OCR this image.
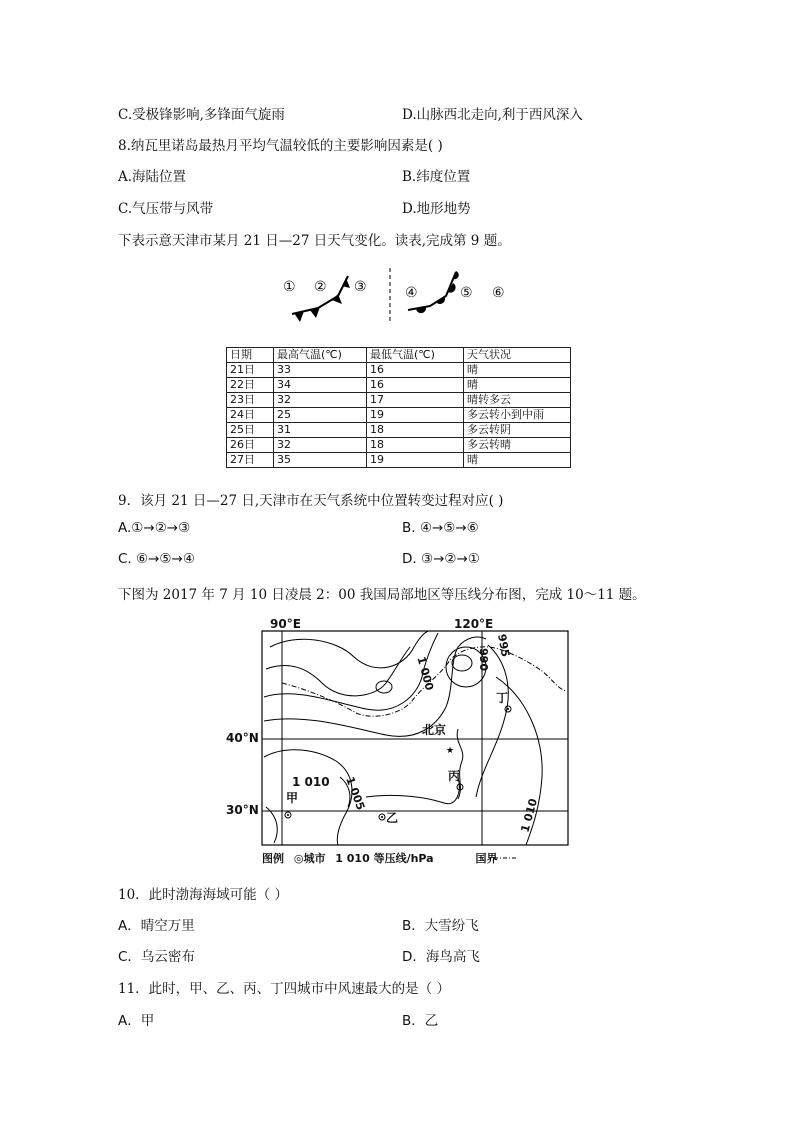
C.受极锋影响,多锋面气旋雨	D.山脉西北走向,利于西风深入
8.纳瓦里诺岛最热月平均气温较低的主要影响因素是( )
A.海陆位置	B.纬度位置
C.气压带与风带	D.地形地势
下表示意天津市某月 21 日—27 日天气变化。读表,完成第 9 题。
① ② ③	④	⑤ ⑥
日期	最高气温(℃)	最低气温(℃)	天气状况
21日	33	16	晴
22日	34	16	晴
23日	32	17	晴转多云
24日	25	19	多云转小到中雨
25日	31	18	多云转阴
26日	32	18	多云转晴
27日	35	19	晴
9．该月 21 日—27 日,天津市在天气系统中位置转变过程对应( )
A.①→②→③	B. ④→⑤→⑥
C. ⑥→⑤→④	D. ③→②→①
下图为 2017 年 7 月 10 日凌晨 2：00 我国局部地区等压线分布图，完成 10～11 题。
★
90°E	120°E
40°N
30°N
1 000	990
995
1 010 1 005
1 010
北京
甲
乙
丙
丁
图例 ◎城市 1 010 等压线/hPa	国界
10．此时渤海海域可能（ ）
A．晴空万里	B．大雪纷飞
C．乌云密布	D．海鸟高飞
11．此时，甲、乙、丙、丁四城市中风速最大的是（ ）
A．甲	B．乙
